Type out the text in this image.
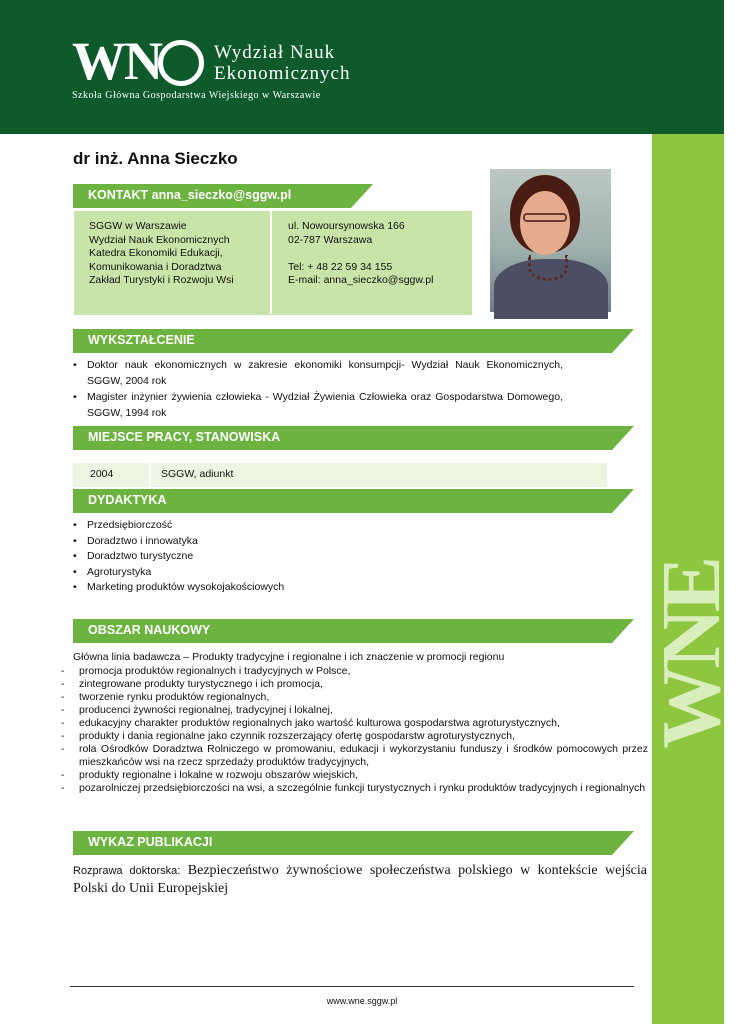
WN	Wydział Nauk
Ekonomicznych
Szkoła Główna Gospodarstwa Wiejskiego w Warszawie
WNE
dr inż. Anna Sieczko
KONTAKT anna_sieczko@sggw.pl
SGGW w Warszawie
Wydział Nauk Ekonomicznych
Katedra Ekonomiki Edukacji,
Komunikowania i Doradztwa
Zakład Turystyki i Rozwoju Wsi
ul. Nowoursynowska 166
02-787 Warszawa
Tel: + 48 22 59 34 155
E-mail: anna_sieczko@sggw.pl
WYKSZTAŁCENIE
• Doktor nauk ekonomicznych w zakresie ekonomiki konsumpcji- Wydział Nauk Ekonomicznych, SGGW, 2004 rok
• Magister inżynier żywienia człowieka - Wydział Żywienia Człowieka oraz Gospodarstwa Domowego, SGGW, 1994 rok
MIEJSCE PRACY, STANOWISKA
2004	SGGW, adiunkt
DYDAKTYKA
• Przedsiębiorczość
• Doradztwo i innowatyka
• Doradztwo turystyczne
• Agroturystyka
• Marketing produktów wysokojakościowych
OBSZAR NAUKOWY
Główna linia badawcza – Produkty tradycyjne i regionalne i ich znaczenie w promocji regionu
- promocja produktów regionalnych i tradycyjnych w Polsce,
- zintegrowane produkty turystycznego i ich promocja,
- tworzenie rynku produktów regionalnych,
- producenci żywności regionalnej, tradycyjnej i lokalnej,
- edukacyjny charakter produktów regionalnych jako wartość kulturowa gospodarstwa agroturystycznych,
- produkty i dania regionalne jako czynnik rozszerzający ofertę gospodarstw agroturystycznych,
- rola Ośrodków Doradztwa Rolniczego w promowaniu, edukacji i wykorzystaniu funduszy i środków pomocowych przez mieszkańców wsi na rzecz sprzedaży produktów tradycyjnych,
- produkty regionalne i lokalne w rozwoju obszarów wiejskich,
- pozarolniczej przedsiębiorczości na wsi, a szczególnie funkcji turystycznych i rynku produktów tradycyjnych i regionalnych
WYKAZ PUBLIKACJI
Rozprawa doktorska: Bezpieczeństwo żywnościowe społeczeństwa polskiego w kontekście wejścia Polski do Unii Europejskiej
www.wne.sggw.pl
